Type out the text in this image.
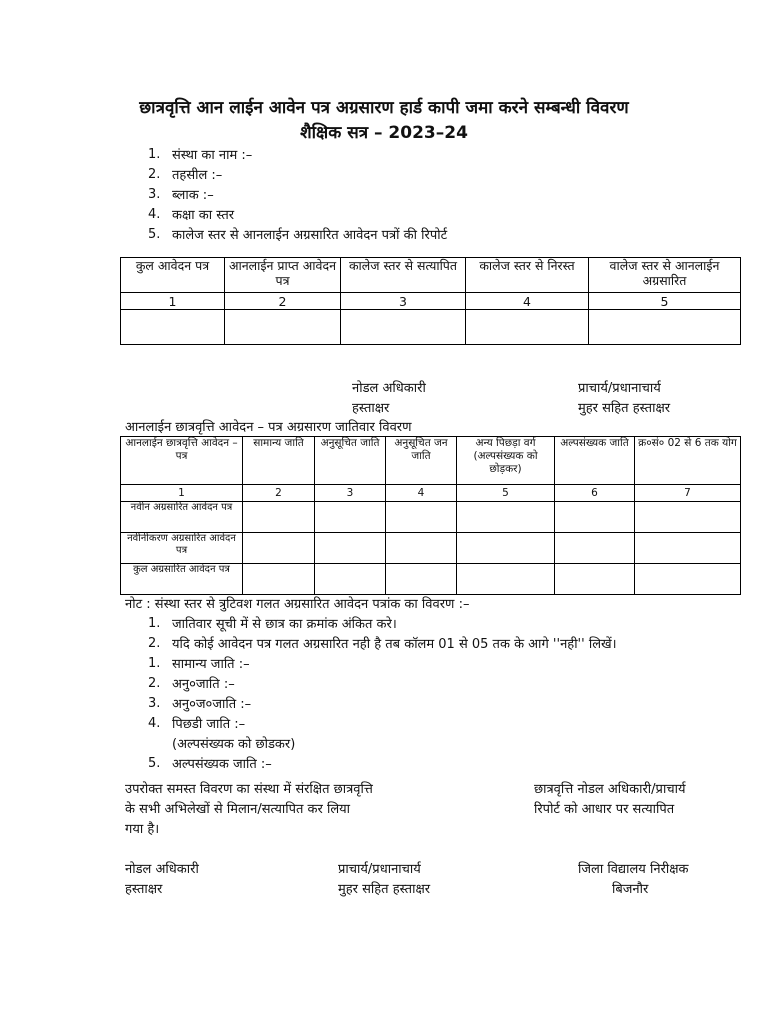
छात्रवृत्ति आन लाईन आवेन पत्र अग्रसारण हार्ड कापी जमा करने सम्बन्धी विवरण
शैक्षिक सत्र – 2023–24
1. संस्था का नाम :–
2. तहसील :–
3. ब्लाक :–
4. कक्षा का स्तर
5. कालेज स्तर से आनलाईन अग्रसारित आवेदन पत्रों की रिपोर्ट
कुल आवेदन पत्र	आनलाईन प्राप्त आवेदन पत्र	कालेज स्तर से सत्यापित	कालेज स्तर से निरस्त	वालेज स्तर से आनलाईन अग्रसारित
1	2	3	4	5

नोडल अधिकारी
हस्ताक्षर
प्राचार्य/प्रधानाचार्य
मुहर सहित हस्ताक्षर
आनलाईन छात्रवृत्ति आवेदन – पत्र अग्रसारण जातिवार विवरण
आनलाईन छात्रवृत्ति आवेदन –पत्र	सामान्य जाति	अनुसूचित जाति	अनुसूचित जन जाति	अन्य पिछड़ा वर्ग (अल्पसंख्यक को छोड़कर)	अल्पसंख्यक जाति	क्र०सं० 02 से 6 तक योग
1	2	3	4	5	6	7
नवीन अग्रसारित आवेदन पत्र						
नवीनीकरण अग्रसारित आवेदन पत्र						
कुल अग्रसारित आवेदन पत्र						
नोट : संस्था स्तर से त्रुटिवश गलत अग्रसारित आवेदन पत्रांक का विवरण :–
1. जातिवार सूची में से छात्र का क्रमांक अंकित करे।
2. यदि कोई आवेदन पत्र गलत अग्रसारित नही है तब कॉलम 01 से 05 तक के आगे ''नही'' लिखें।
1. सामान्य जाति :–
2. अनु०जाति :–
3. अनु०ज०जाति :–
4. पिछडी जाति :–
(अल्पसंख्यक को छोडकर)
5. अल्पसंख्यक जाति :–
उपरोक्त समस्त विवरण का संस्था में संरक्षित छात्रवृत्ति
के सभी अभिलेखों से मिलान/सत्यापित कर लिया
गया है।
छात्रवृत्ति नोडल अधिकारी/प्राचार्य
रिपोर्ट को आधार पर सत्यापित
नोडल अधिकारी
हस्ताक्षर
प्राचार्य/प्रधानाचार्य
मुहर सहित हस्ताक्षर
जिला विद्यालय निरीक्षक
बिजनौर
